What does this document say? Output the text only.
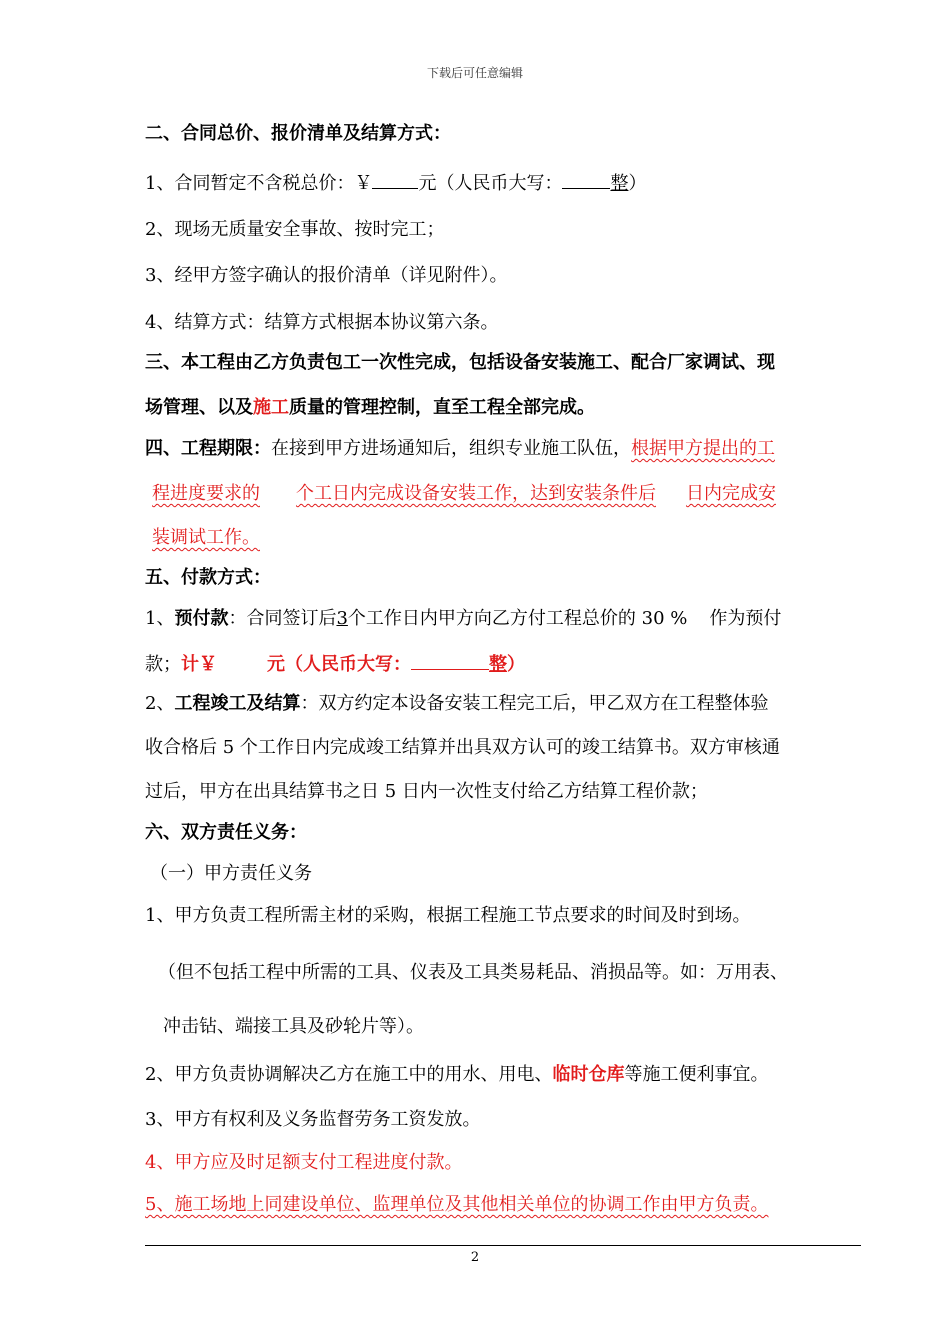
下载后可任意编辑
二、合同总价、报价清单及结算方式：
1、合同暂定不含税总价：￥	元（人民币大写：	整）
2、现场无质量安全事故、按时完工；
3、经甲方签字确认的报价清单（详见附件）。
4、结算方式：结算方式根据本协议第六条。
三、本工程由乙方负责包工一次性完成，包括设备安装施工、配合厂家调试、现
场管理、以及施工质量的管理控制，直至工程全部完成。
四、工程期限：在接到甲方进场通知后，组织专业施工队伍，根据甲方提出的工
程进度要求的 个工日内完成设备安装工作，达到安装条件后 日内完成安
装调试工作。
五、付款方式：
1、预付款：合同签订后3个工作日内甲方向乙方付工程总价的 30 % 作为预付
款；计￥	元（人民币大写：	整）
2、工程竣工及结算：双方约定本设备安装工程完工后，甲乙双方在工程整体验
收合格后 5 个工作日内完成竣工结算并出具双方认可的竣工结算书。双方审核通
过后，甲方在出具结算书之日 5 日内一次性支付给乙方结算工程价款；
六、双方责任义务：
（一）甲方责任义务
1、甲方负责工程所需主材的采购，根据工程施工节点要求的时间及时到场。
（但不包括工程中所需的工具、仪表及工具类易耗品、消损品等。如：万用表、
冲击钻、端接工具及砂轮片等）。
2、甲方负责协调解决乙方在施工中的用水、用电、临时仓库等施工便利事宜。
3、甲方有权利及义务监督劳务工资发放。
4、甲方应及时足额支付工程进度付款。
5、施工场地上同建设单位、监理单位及其他相关单位的协调工作由甲方负责。
2
